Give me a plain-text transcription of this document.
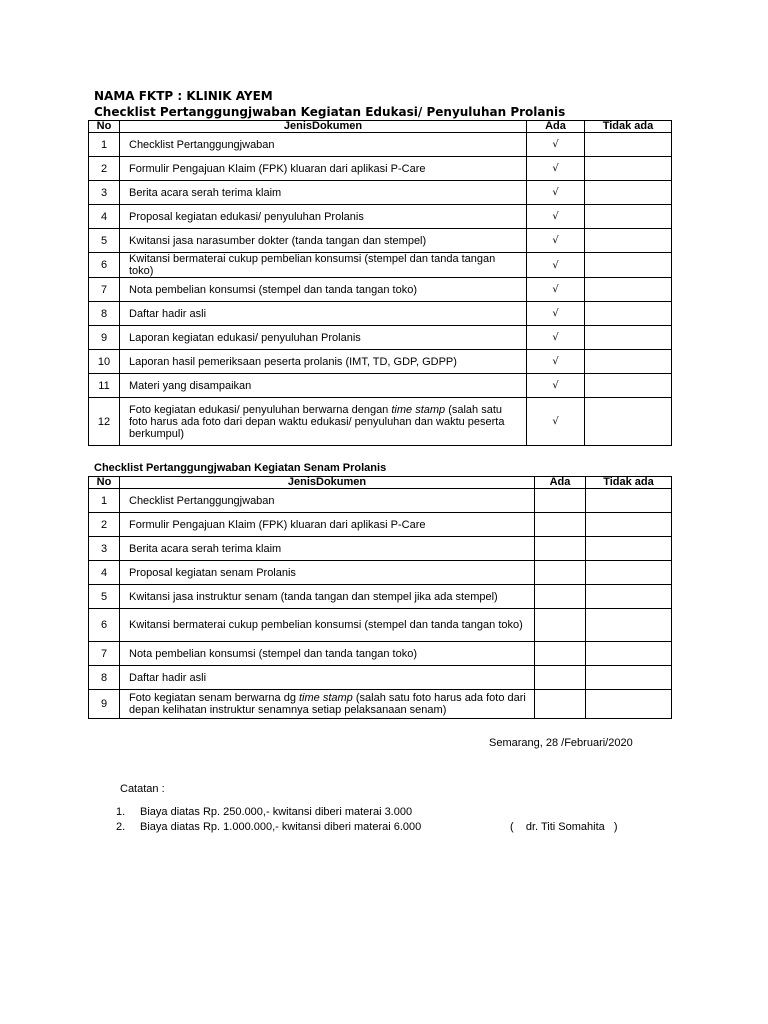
NAMA FKTP : KLINIK AYEM

Checklist Pertanggungjwaban Kegiatan Edukasi/ Penyuluhan Prolanis

No	JenisDokumen	Ada	Tidak ada
1	Checklist Pertanggungjwaban	√	
2	Formulir Pengajuan Klaim (FPK) kluaran dari aplikasi P-Care	√	
3	Berita acara serah terima klaim	√	
4	Proposal kegiatan edukasi/ penyuluhan Prolanis	√	
5	Kwitansi jasa narasumber dokter (tanda tangan dan stempel)	√	
6	Kwitansi bermaterai cukup pembelian konsumsi (stempel dan tanda tangan toko)	√	
7	Nota pembelian konsumsi (stempel dan tanda tangan toko)	√	
8	Daftar hadir asli	√	
9	Laporan kegiatan edukasi/ penyuluhan Prolanis	√	
10	Laporan hasil pemeriksaan peserta prolanis (IMT, TD, GDP, GDPP)	√	
11	Materi yang disampaikan	√	
12	Foto kegiatan edukasi/ penyuluhan berwarna dengan time stamp (salah satu foto harus ada foto dari depan waktu edukasi/ penyuluhan dan waktu peserta berkumpul)	√	

Checklist Pertanggungjwaban Kegiatan Senam Prolanis

No	JenisDokumen	Ada	Tidak ada
1	Checklist Pertanggungjwaban		
2	Formulir Pengajuan Klaim (FPK) kluaran dari aplikasi P-Care		
3	Berita acara serah terima klaim		
4	Proposal kegiatan senam Prolanis		
5	Kwitansi jasa instruktur senam (tanda tangan dan stempel jika ada stempel)		
6	Kwitansi bermaterai cukup pembelian konsumsi (stempel dan tanda tangan toko)		
7	Nota pembelian konsumsi (stempel dan tanda tangan toko)		
8	Daftar hadir asli		
9	Foto kegiatan senam berwarna dg time stamp (salah satu foto harus ada foto dari depan kelihatan instruktur senamnya setiap pelaksanaan senam)		
Semarang, 28 /Februari/2020
Catatan :
1. Biaya diatas Rp. 250.000,- kwitansi diberi materai 3.000
2. Biaya diatas Rp. 1.000.000,- kwitansi diberi materai 6.000	(    dr. Titi Somahita   )
